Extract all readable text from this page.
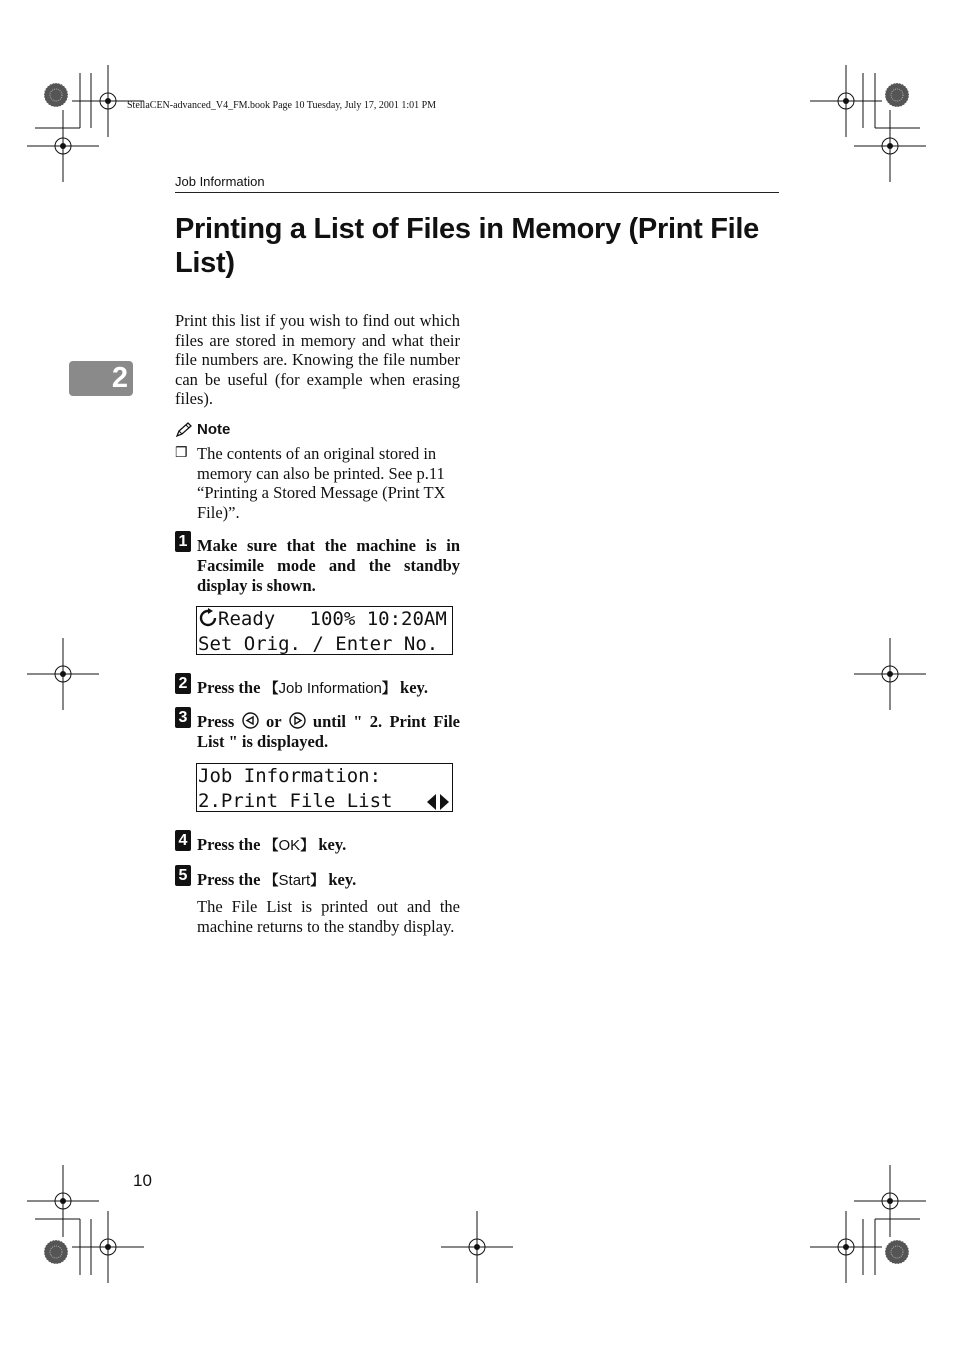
StellaCEN-advanced_V4_FM.book Page 10 Tuesday, July 17, 2001 1:01 PM
Job Information
Printing a List of Files in Memory (Print File List)
2

Print this list if you wish to find out which files are stored in memory and what their file numbers are. Knowing the file number can be useful (for example when erasing files).

Note
❒ The contents of an original stored in memory can also be printed. See p.11 “Printing a Stored Message (Print TX File)”.

1 Make sure that the machine is in Facsimile mode and the standby display is shown.

Ready   100% 10:20AM
Set Orig. / Enter No.
2 Press the 【Job Information】 key.

3 Press  or  until " 2. Print File List " is displayed.

Job Information:
2.Print File List
4 Press the 【OK】 key.

5 Press the 【Start】 key.

The File List is printed out and the machine returns to the standby display.

10
